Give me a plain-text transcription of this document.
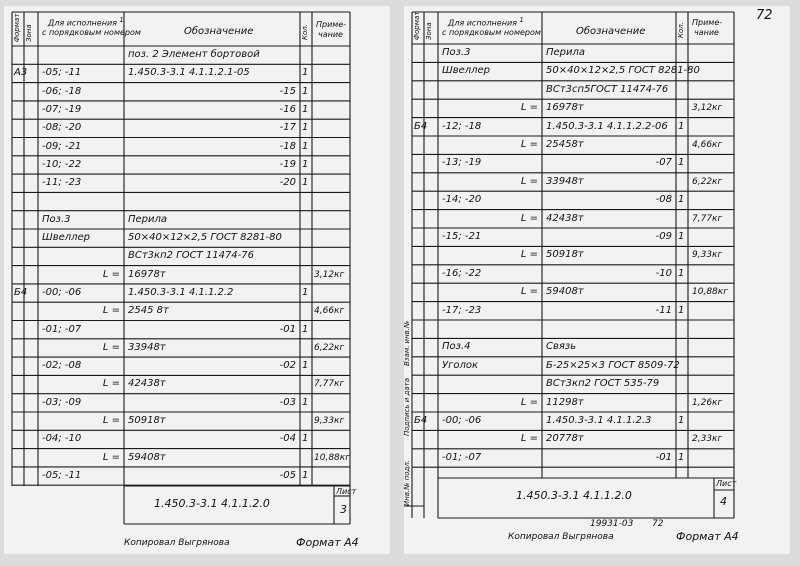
Формат Зона
Для исполнения $^1$
с порядковым номером	Обозначение	Кол. Приме-
чание
поз. 2 Элемент бортовой
А3 -05; -11	1.450.3-3.1 4.1.1.2.1-05	1
-06; -18	-15 1
-07; -19	-16 1
-08; -20	-17 1
-09; -21	-18 1
-10; -22	-19 1
-11; -23	-20 1
Поз.3	Перила
Швеллер	50×40×12×2,5 ГОСТ 8281-80
ВСт3кп2 ГОСТ 11474-76
L = 16978т	3,12кг
Б4 -00; -06	1.450.3-3.1 4.1.1.2.2	1
L = 2545 8т	4,66кг
-01; -07	-01 1
L = 33948т	6,22кг
-02; -08	-02 1
L = 42438т	7,77кг
-03; -09	-03 1
L = 50918т	9,33кг
-04; -10	-04 1
L = 59408т	10,88кг
-05; -11	-05 1
1.450.3-3.1 4.1.1.2.0
Лист
3
Копировал Выгрянова	Формат А4
Формат Зона Для исполнения $^1$
с порядковым номером	Обозначение	Кол. Приме-
чание
Поз.3	Перила
Швеллер	50×40×12×2,5 ГОСТ 8281-80
ВСт3сп5ГОСТ 11474-76
L = 16978т	3,12кг
Б4 -12; -18	1.450.3-3.1 4.1.1.2.2-06 1
L = 25458т	4,66кг
-13; -19	-07 1
L = 33948т	6,22кг
-14; -20	-08 1
L = 42438т	7,77кг
-15; -21	-09 1
L = 50918т	9,33кг
-16; -22	-10 1
L = 59408т	10,88кг
-17; -23	-11 1
Поз.4	Связь
Уголок	Б-25×25×3 ГОСТ 8509-72
ВСт3кп2 ГОСТ 535-79
L = 11298т	1,26кг
Б4 -00; -06	1.450.3-3.1 4.1.1.2.3	1
L = 20778т	2,33кг
-01; -07	-01 1
Инв.№ подл.
Подпись и дата
Взам. инв.№
1.450.3-3.1 4.1.1.2.0
Лист
4
19931-03 72
Копировал Выгрянова	Формат А4
72
